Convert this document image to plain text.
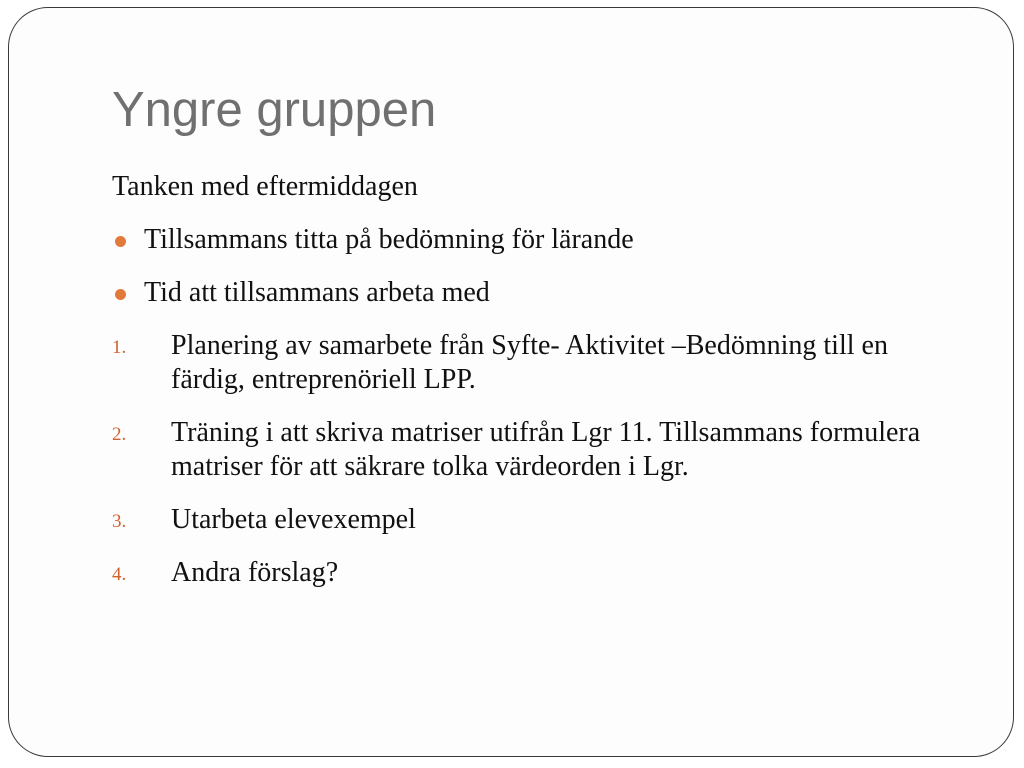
Yngre gruppen

Tanken med eftermiddagen

Tillsammans titta på bedömning för lärande
Tid att tillsammans arbeta med
1. Planering av samarbete från Syfte- Aktivitet –Bedömning till en färdig, entreprenöriell LPP.
2. Träning i att skriva matriser utifrån Lgr 11. Tillsammans formulera matriser för att säkrare tolka värdeorden i Lgr.
3. Utarbeta elevexempel
4. Andra förslag?
